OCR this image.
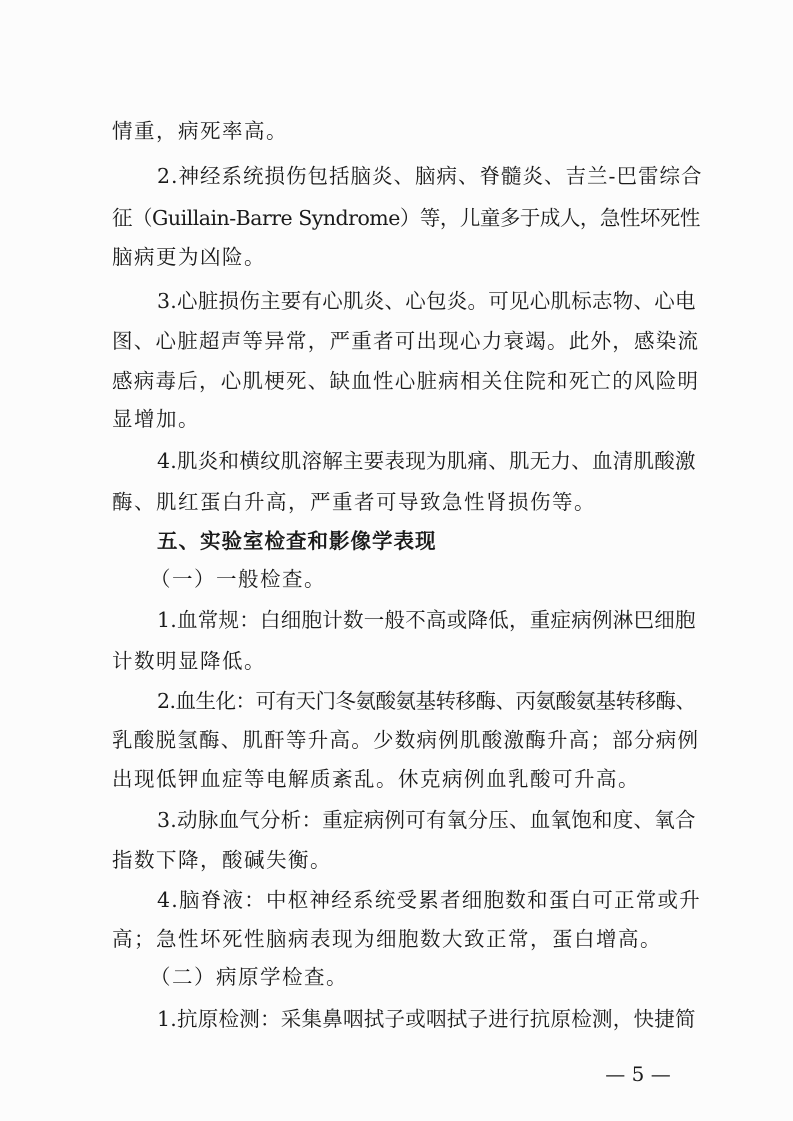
情重，病死率高。
2.神经系统损伤包括脑炎、脑病、脊髓炎、吉兰-巴雷综合
征（Guillain-Barre Syndrome）等，儿童多于成人，急性坏死性
脑病更为凶险。
3.心脏损伤主要有心肌炎、心包炎。可见心肌标志物、心电
图、心脏超声等异常，严重者可出现心力衰竭。此外，感染流
感病毒后，心肌梗死、缺血性心脏病相关住院和死亡的风险明
显增加。
4.肌炎和横纹肌溶解主要表现为肌痛、肌无力、血清肌酸激
酶、肌红蛋白升高，严重者可导致急性肾损伤等。
五、实验室检查和影像学表现
（一）一般检查。
1.血常规：白细胞计数一般不高或降低，重症病例淋巴细胞
计数明显降低。
2.血生化：可有天门冬氨酸氨基转移酶、丙氨酸氨基转移酶、
乳酸脱氢酶、肌酐等升高。少数病例肌酸激酶升高；部分病例
出现低钾血症等电解质紊乱。休克病例血乳酸可升高。
3.动脉血气分析：重症病例可有氧分压、血氧饱和度、氧合
指数下降，酸碱失衡。
4.脑脊液：中枢神经系统受累者细胞数和蛋白可正常或升
高；急性坏死性脑病表现为细胞数大致正常，蛋白增高。
（二）病原学检查。
1.抗原检测：采集鼻咽拭子或咽拭子进行抗原检测，快捷简
— 5 —
